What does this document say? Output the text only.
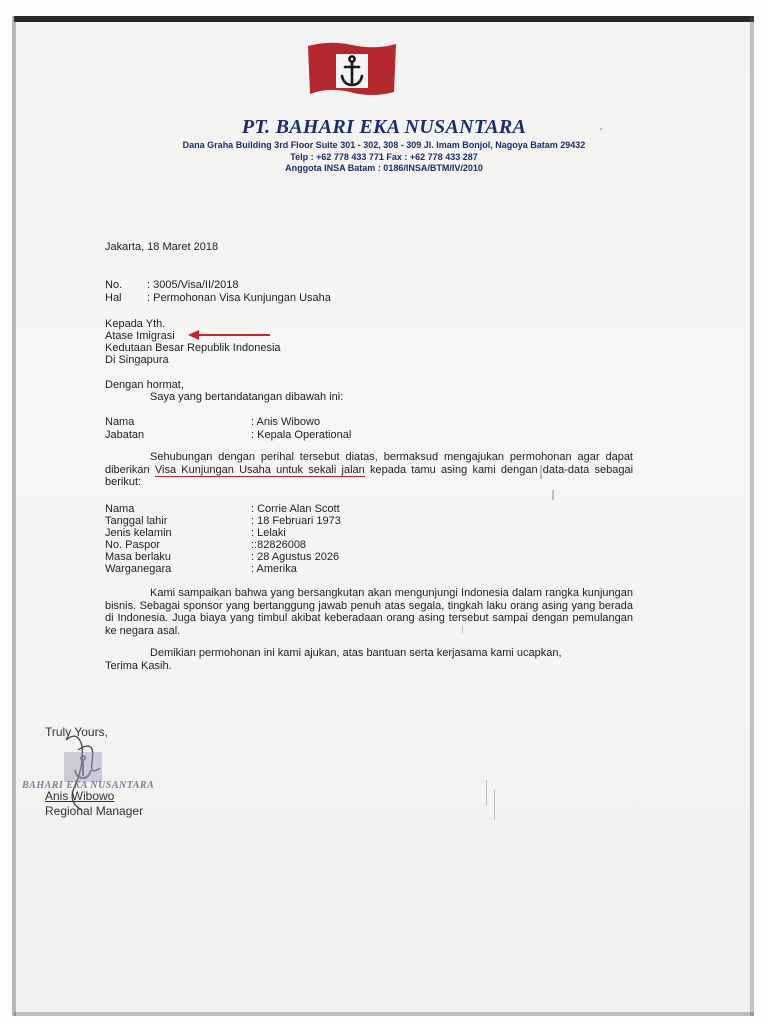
PT. BAHARI EKA NUSANTARA
Dana Graha Building 3rd Floor Suite 301 - 302, 308 - 309 Jl. Imam Bonjol, Nagoya Batam 29432
Telp : +62 778 433 771 Fax : +62 778 433 287
Anggota INSA Batam : 0186/INSA/BTM/IV/2010
Jakarta, 18 Maret 2018
No. : 3005/Visa/II/2018
Hal : Permohonan Visa Kunjungan Usaha
Kepada Yth.
Atase Imigrasi
Kedutaan Besar Republik Indonesia
Di Singapura
Dengan hormat,
Saya yang bertandatangan dibawah ini:
Nama	: Anis Wibowo
Jabatan	: Kepala Operational
Sehubungan dengan perihal tersebut diatas, bermaksud mengajukan permohonan agar dapat diberikan Visa Kunjungan Usaha untuk sekali jalan kepada tamu asing kami dengan data-data sebagai berikut:
Nama	: Corrie Alan Scott
Tanggal lahir	: 18 Februari 1973
Jenis kelamin	: Lelaki
No. Paspor	::82826008
Masa berlaku	: 28 Agustus 2026
Warganegara	: Amerika
Kami sampaikan bahwa yang bersangkutan akan mengunjungi Indonesia dalam rangka kunjungan bisnis. Sebagai sponsor yang bertanggung jawab penuh atas segala, tingkah laku orang asing yang berada di Indonesia. Juga biaya yang timbul akibat keberadaan orang asing tersebut sampai dengan pemulangan ke negara asal.
Demikian permohonan ini kami ajukan, atas bantuan serta kerjasama kami ucapkan,
Terima Kasih.
Truly Yours,
BAHARI EKA NUSANTARA
Anis Wibowo
Regional Manager
